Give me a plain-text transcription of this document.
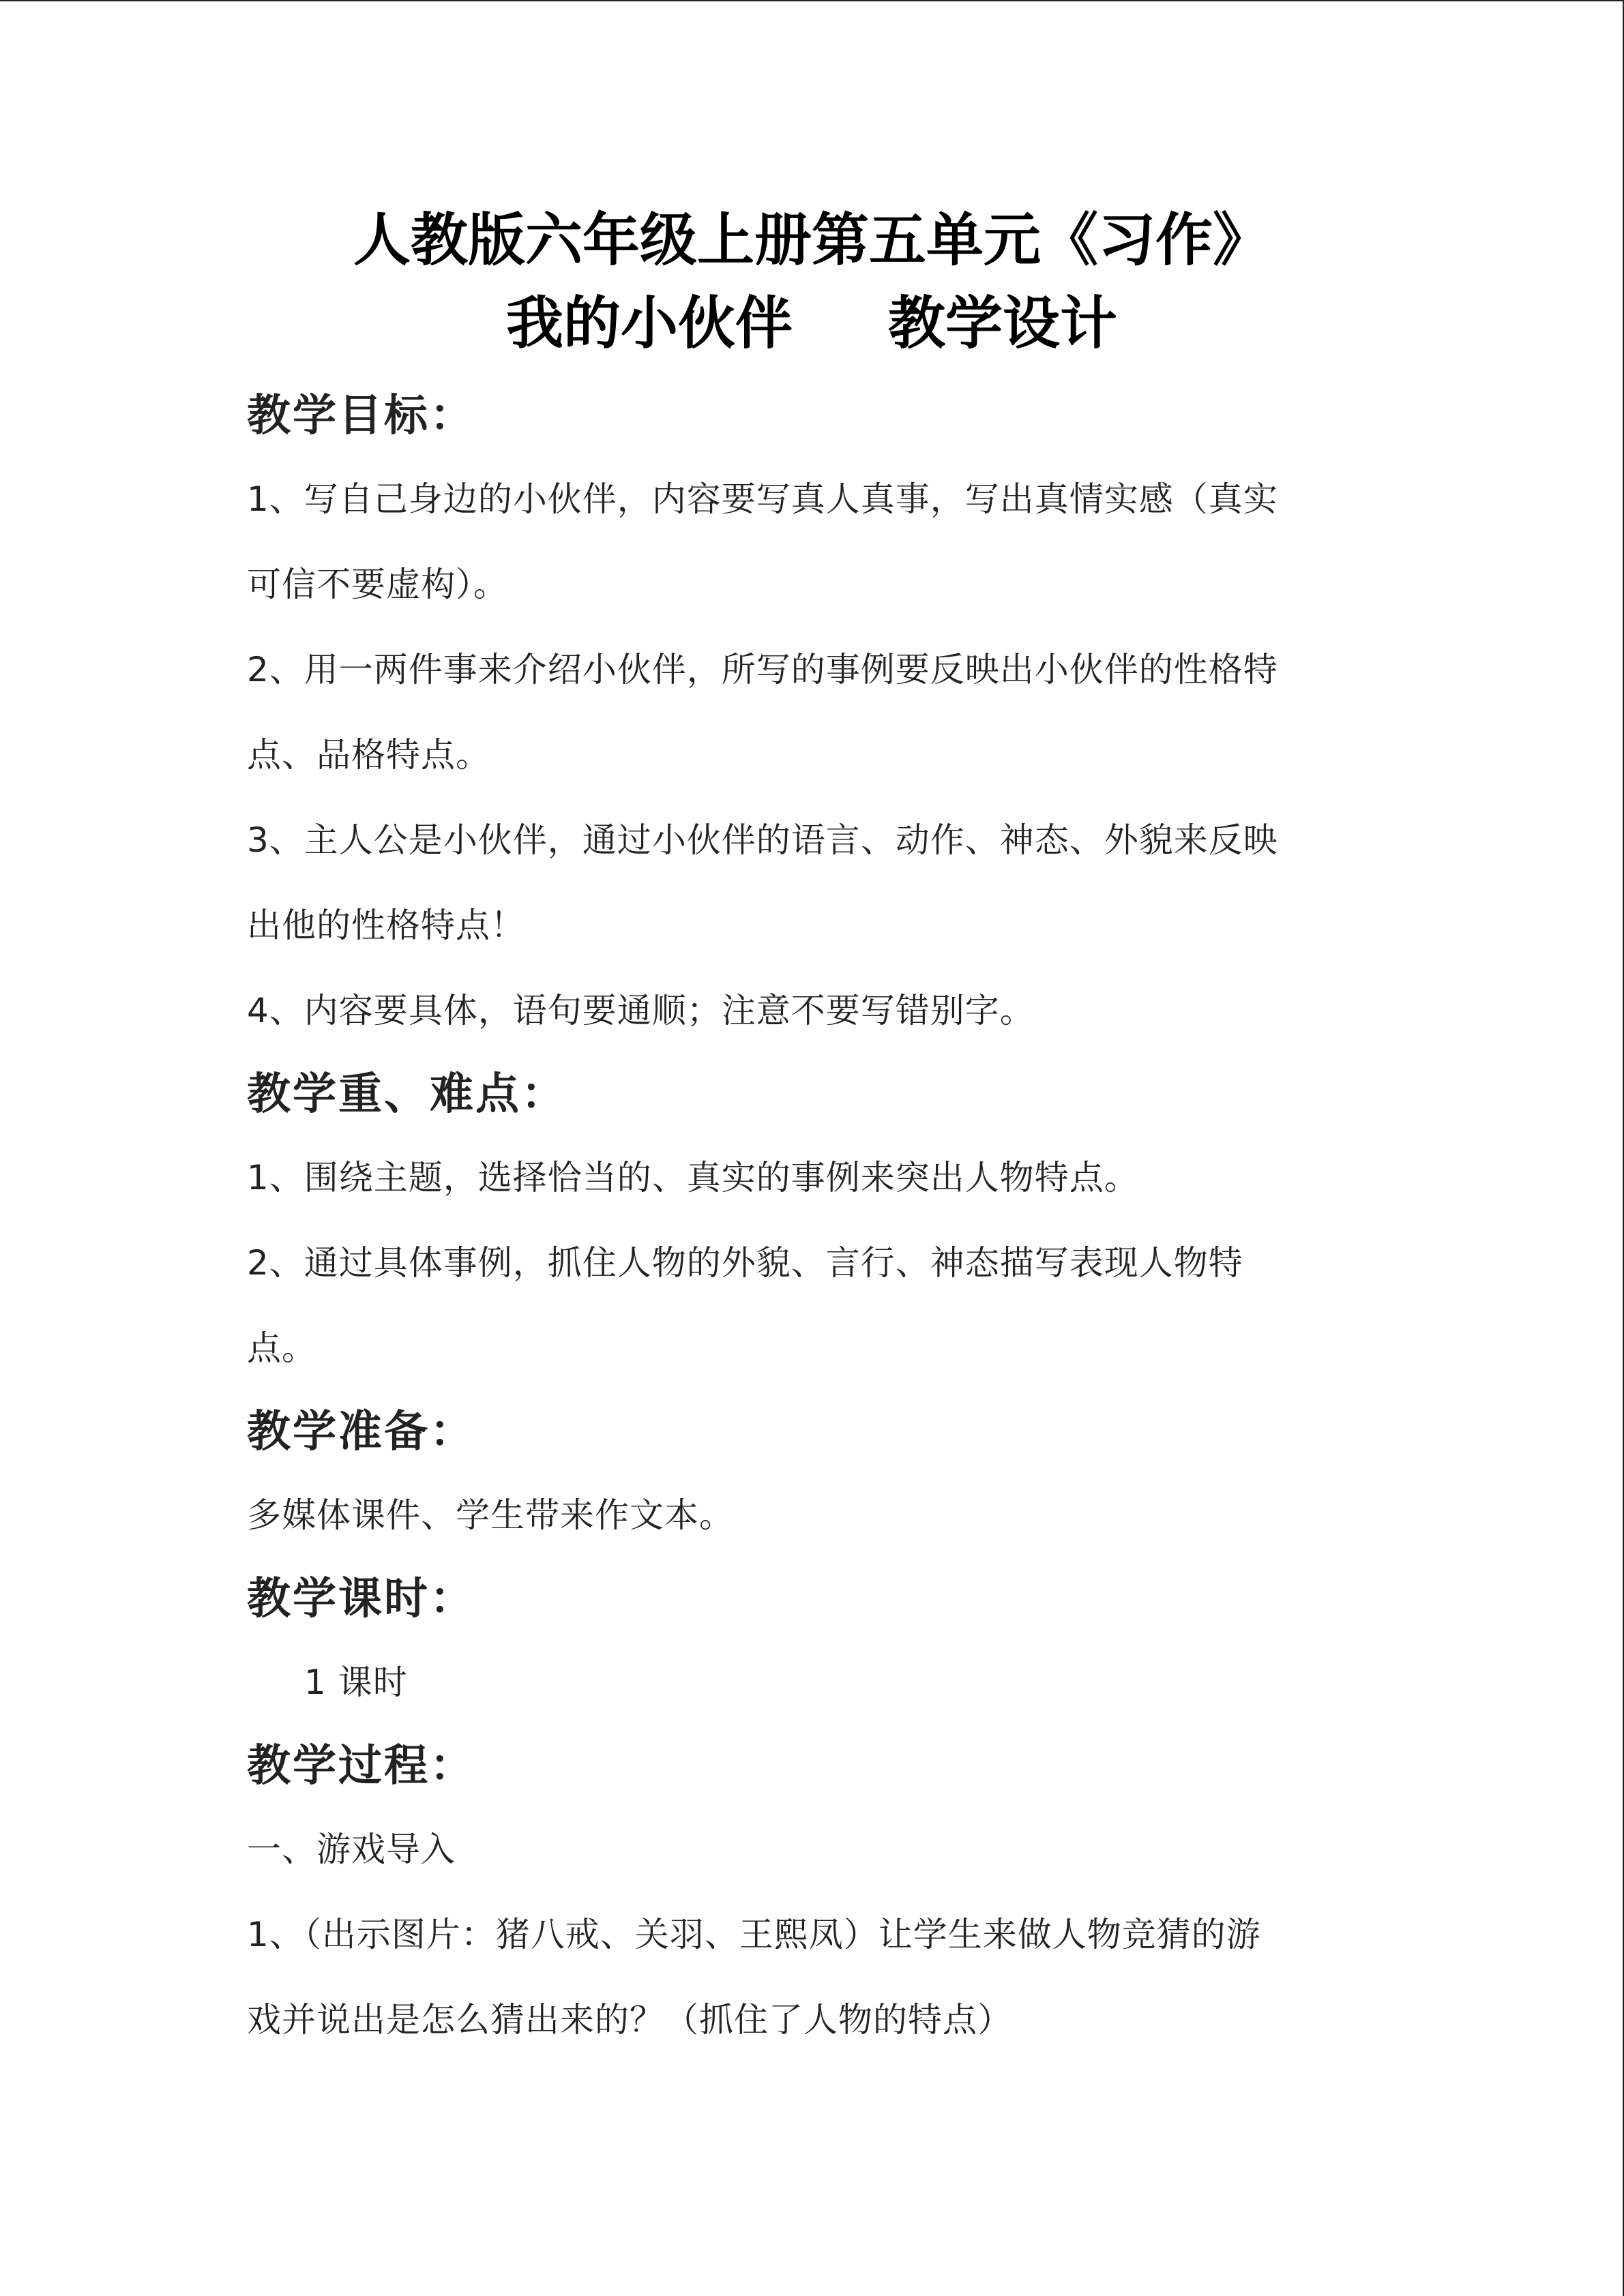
人教版六年级上册第五单元《习作》
我的小伙伴 教学设计

教学目标：

1、写自己身边的小伙伴，内容要写真人真事，写出真情实感（真实

可信不要虚构）。

2、用一两件事来介绍小伙伴，所写的事例要反映出小伙伴的性格特

点、品格特点。

3、主人公是小伙伴，通过小伙伴的语言、动作、神态、外貌来反映

出他的性格特点！

4、内容要具体，语句要通顺；注意不要写错别字。

教学重、难点：

1、围绕主题，选择恰当的、真实的事例来突出人物特点。

2、通过具体事例，抓住人物的外貌、言行、神态描写表现人物特

点。

教学准备：

多媒体课件、学生带来作文本。

教学课时：

1 课时

教学过程：

一、游戏导入

1、（出示图片：猪八戒、关羽、王熙凤）让学生来做人物竞猜的游

戏并说出是怎么猜出来的？（抓住了人物的特点）
